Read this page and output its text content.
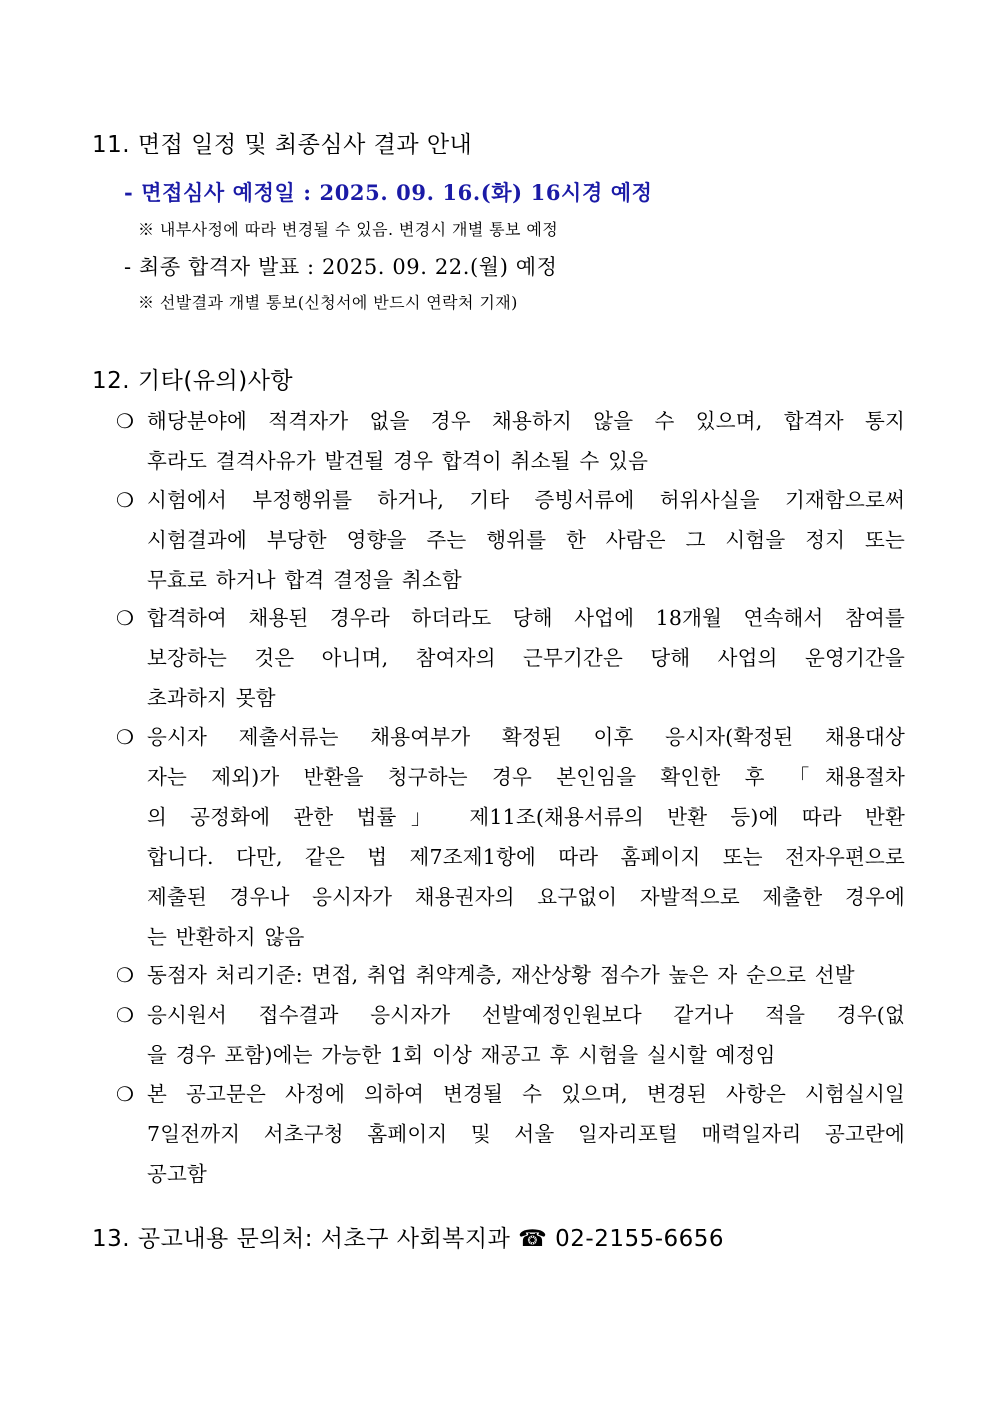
11. 면접 일정 및 최종심사 결과 안내
- 면접심사 예정일 : 2025. 09. 16.(화) 16시경 예정
※ 내부사정에 따라 변경될 수 있음. 변경시 개별 통보 예정
- 최종 합격자 발표 : 2025. 09. 22.(월) 예정
※ 선발결과 개별 통보(신청서에 반드시 연락처 기재)
12. 기타(유의)사항
❍ 해당분야에 적격자가 없을 경우 채용하지 않을 수 있으며, 합격자 통지
후라도 결격사유가 발견될 경우 합격이 취소될 수 있음
❍ 시험에서 부정행위를 하거나, 기타 증빙서류에 허위사실을 기재함으로써
시험결과에 부당한 영향을 주는 행위를 한 사람은 그 시험을 정지 또는
무효로 하거나 합격 결정을 취소함
❍ 합격하여 채용된 경우라 하더라도 당해 사업에 18개월 연속해서 참여를
보장하는 것은 아니며, 참여자의 근무기간은 당해 사업의 운영기간을
초과하지 못함
❍ 응시자 제출서류는 채용여부가 확정된 이후 응시자(확정된 채용대상
자는 제외)가 반환을 청구하는 경우 본인임을 확인한 후 「채용절차
의 공정화에 관한 법률」 제11조(채용서류의 반환 등)에 따라 반환
합니다. 다만, 같은 법 제7조제1항에 따라 홈페이지 또는 전자우편으로
제출된 경우나 응시자가 채용권자의 요구없이 자발적으로 제출한 경우에
는 반환하지 않음
❍ 동점자 처리기준: 면접, 취업 취약계층, 재산상황 점수가 높은 자 순으로 선발
❍ 응시원서 접수결과 응시자가 선발예정인원보다 같거나 적을 경우(없
을 경우 포함)에는 가능한 1회 이상 재공고 후 시험을 실시할 예정임
❍ 본 공고문은 사정에 의하여 변경될 수 있으며, 변경된 사항은 시험실시일
7일전까지 서초구청 홈페이지 및 서울 일자리포털 매력일자리 공고란에
공고함
13. 공고내용 문의처: 서초구 사회복지과 ☎ 02-2155-6656
